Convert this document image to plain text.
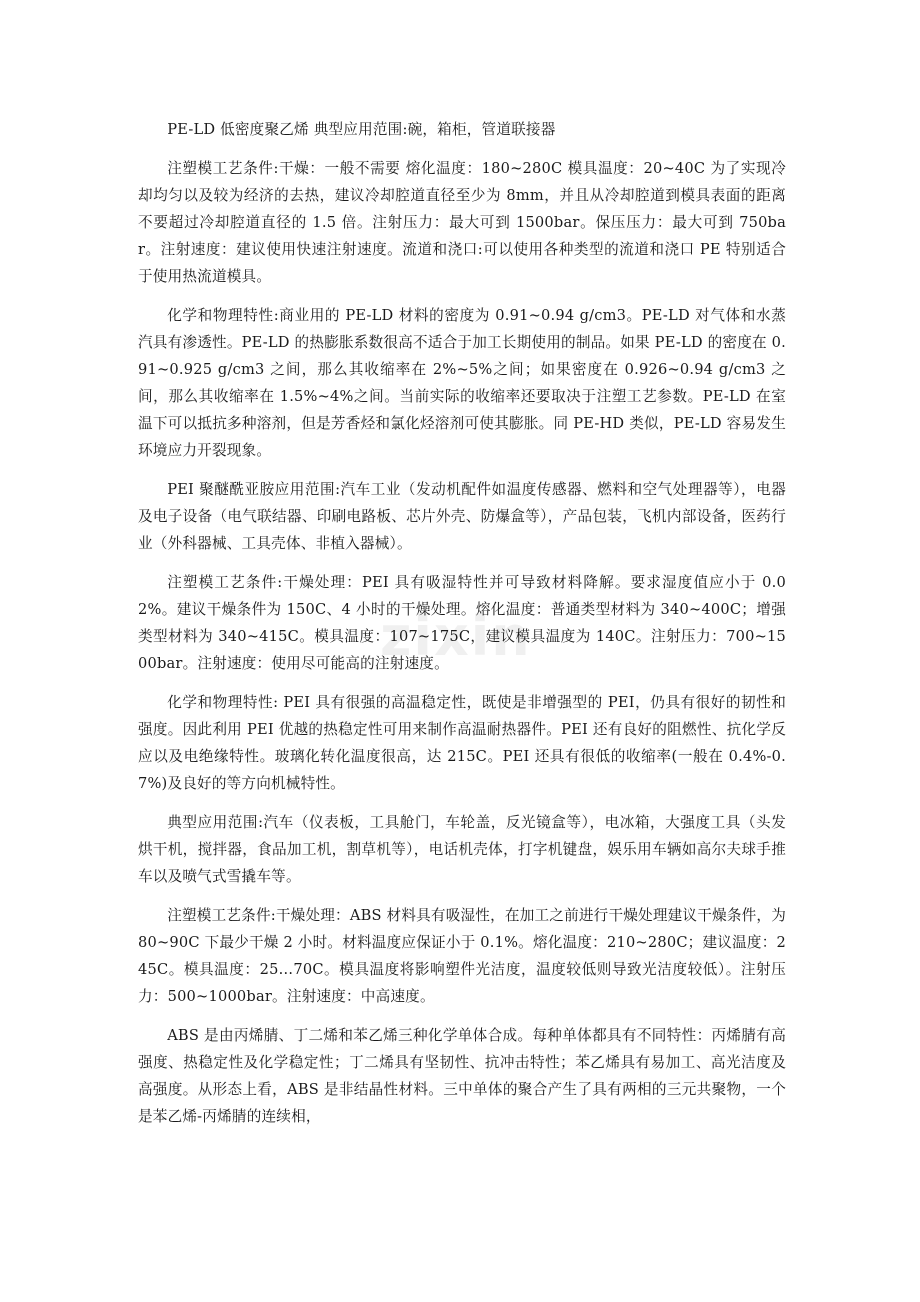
zixin

PE-LD 低密度聚乙烯 典型应用范围:碗，箱柜，管道联接器

注塑模工艺条件:干燥：一般不需要 熔化温度：180~280C 模具温度：20~40C 为了实现冷却均匀以及较为经济的去热，建议冷却腔道直径至少为 8mm，并且从冷却腔道到模具表面的距离不要超过冷却腔道直径的 1.5 倍。注射压力：最大可到 1500bar。保压压力：最大可到 750bar。注射速度：建议使用快速注射速度。流道和浇口:可以使用各种类型的流道和浇口 PE 特别适合于使用热流道模具。

化学和物理特性:商业用的 PE-LD 材料的密度为 0.91~0.94 g/cm3。PE-LD 对气体和水蒸汽具有渗透性。PE-LD 的热膨胀系数很高不适合于加工长期使用的制品。如果 PE-LD 的密度在 0.91~0.925 g/cm3 之间，那么其收缩率在 2%~5%之间；如果密度在 0.926~0.94 g/cm3 之间，那么其收缩率在 1.5%~4%之间。当前实际的收缩率还要取决于注塑工艺参数。PE-LD 在室温下可以抵抗多种溶剂，但是芳香烃和氯化烃溶剂可使其膨胀。同 PE-HD 类似，PE-LD 容易发生环境应力开裂现象。

PEI 聚醚酰亚胺应用范围:汽车工业（发动机配件如温度传感器、燃料和空气处理器等），电器及电子设备（电气联结器、印刷电路板、芯片外壳、防爆盒等），产品包装，飞机内部设备，医药行业（外科器械、工具壳体、非植入器械）。

注塑模工艺条件:干燥处理：PEI 具有吸湿特性并可导致材料降解。要求湿度值应小于 0.02%。建议干燥条件为 150C、4 小时的干燥处理。熔化温度：普通类型材料为 340~400C；增强类型材料为 340~415C。模具温度：107~175C，建议模具温度为 140C。注射压力：700~1500bar。注射速度：使用尽可能高的注射速度。

化学和物理特性: PEI 具有很强的高温稳定性，既使是非增强型的 PEI，仍具有很好的韧性和强度。因此利用 PEI 优越的热稳定性可用来制作高温耐热器件。PEI 还有良好的阻燃性、抗化学反应以及电绝缘特性。玻璃化转化温度很高，达 215C。PEI 还具有很低的收缩率(一般在 0.4%-0.7%)及良好的等方向机械特性。

典型应用范围:汽车（仪表板，工具舱门，车轮盖，反光镜盒等），电冰箱，大强度工具（头发烘干机，搅拌器，食品加工机，割草机等），电话机壳体，打字机键盘，娱乐用车辆如高尔夫球手推车以及喷气式雪撬车等。

注塑模工艺条件:干燥处理：ABS 材料具有吸湿性，在加工之前进行干燥处理建议干燥条件，为 80~90C 下最少干燥 2 小时。材料温度应保证小于 0.1%。熔化温度：210~280C；建议温度：245C。模具温度：25…70C。模具温度将影响塑件光洁度，温度较低则导致光洁度较低）。注射压力：500~1000bar。注射速度：中高速度。

ABS 是由丙烯腈、丁二烯和苯乙烯三种化学单体合成。每种单体都具有不同特性：丙烯腈有高强度、热稳定性及化学稳定性；丁二烯具有坚韧性、抗冲击特性；苯乙烯具有易加工、高光洁度及高强度。从形态上看，ABS 是非结晶性材料。三中单体的聚合产生了具有两相的三元共聚物，一个是苯乙烯-丙烯腈的连续相，
